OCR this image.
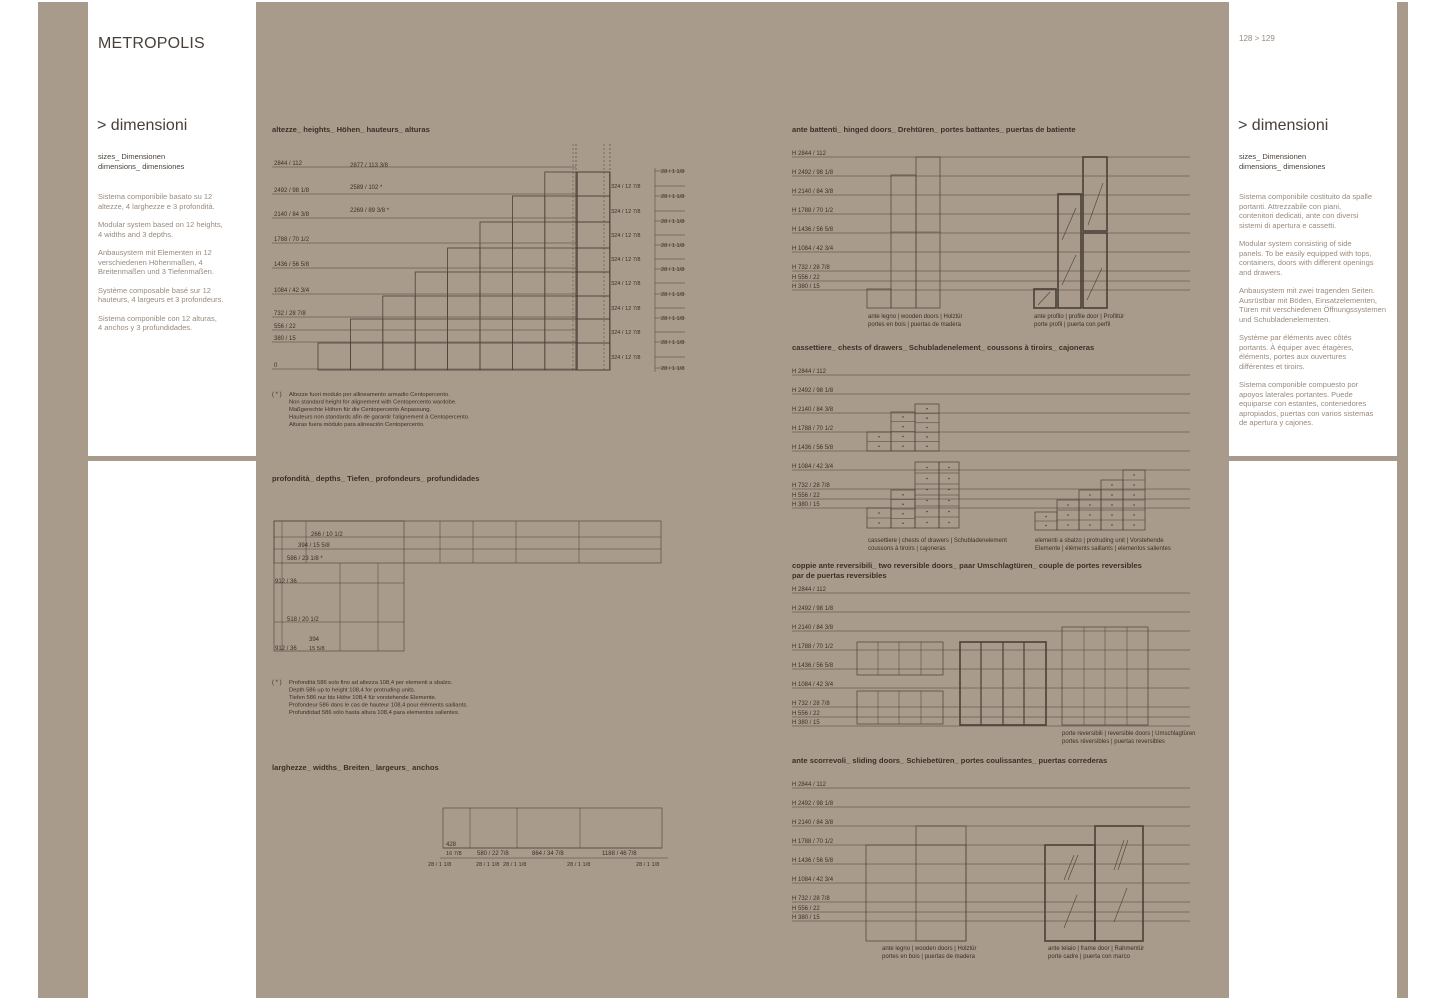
altezze_ heights_ Höhen_ hauteurs_ alturas
2844 / 112
2492 / 98 1/8
2140 / 84 3/8
1788 / 70 1/2
1436 / 56 5/8
1084 / 42 3/4
732 / 28 7/8
556 / 22
380 / 15
0
2877 / 113 3/8
2589 / 102 *
2269 / 89 3/8 *
28 / 1 1/8
324 / 12 7/8
28 / 1 1/8
324 / 12 7/8
28 / 1 1/8
324 / 12 7/8
28 / 1 1/8
324 / 12 7/8
28 / 1 1/8
324 / 12 7/8
28 / 1 1/8
324 / 12 7/8
28 / 1 1/8
324 / 12 7/8
28 / 1 1/8
324 / 12 7/8
28 / 1 1/8
( * ) Altezze fuori modulo per allineamento armadio Centopercento.
Non standard height for alignement with Centopercento wardobe.
Maßgerechte Höhen für die Centopercento Anpassung.
Hauteurs non standards afin de garantir l'alignement à Centopercento.
Alturas fuera módulo para alineación Centopercento.
profondità_ depths_ Tiefen_ profondeurs_ profundidades
266 / 10 1/2
394 / 15 5/8
586 / 23 1/8 *
912 / 36
518 / 20 1/2
912 / 36
394
15 5/8
( * ) Profondità 586 solo fino ad altezza 108,4 per elementi a sbalzo.
Depth 586 up to height 108,4 for protruding units.
Tiefen 586 nur bis Höhe 108,4 für vorstehende Elemente.
Profondeur 586 dans le cas de hauteur 108,4 pour éléments saillants.
Profundidad 586 sólo hasta altura 108,4 para elementos salientes.
larghezze_ widths_ Breiten_ largeurs_ anchos
428
16 7/8	580 / 22 7/8	864 / 34 7/8	1188 / 46 7/8
28 / 1 1/8	28 / 1 1/8 28 / 1 1/8	28 / 1 1/8	28 / 1 1/8
ante battenti_ hinged doors_ Drehtüren_ portes battantes_ puertas de batiente
H 2844 / 112
H 2492 / 98 1/8
H 2140 / 84 3/8
H 1788 / 70 1/2
H 1436 / 56 5/8
H 1084 / 42 3/4
H 732 / 28 7/8
H 556 / 22
H 380 / 15
ante legno | wooden doors | Holztür
portes en bois | puertas de madera
ante profilo | profile door | Profiltür
porte profil | puerta con perfil
cassettiere_ chests of drawers_ Schubladenelement_ coussons à tiroirs_ cajoneras
H 2844 / 112
H 2492 / 98 1/8
H 2140 / 84 3/8
H 1788 / 70 1/2
H 1436 / 56 5/8
H 1084 / 42 3/4
H 732 / 28 7/8
H 556 / 22
H 380 / 15
cassettiere | chests of drawers | Schubladenelement
coussons à tiroirs | cajoneras
elementi a sbalzo | protruding unit | Vorstehende
Elemente | éléments saillants | elementos salientes
coppie ante reversibili_ two reversible doors_ paar Umschlagtüren_ couple de portes reversibles
par de puertas reversibles
H 2844 / 112
H 2492 / 98 1/8
H 2140 / 84 3/8
H 1788 / 70 1/2
H 1436 / 56 5/8
H 1084 / 42 3/4
H 732 / 28 7/8
H 556 / 22
H 380 / 15
porte reversibili | reversible doors | Umschlagtüren
portes réversibles | puertas reversibles
ante scorrevoli_ sliding doors_ Schiebetüren_ portes coulissantes_ puertas correderas
H 2844 / 112
H 2492 / 98 1/8
H 2140 / 84 3/8
H 1788 / 70 1/2
H 1436 / 56 5/8
H 1084 / 42 3/4
H 732 / 28 7/8
H 556 / 22
H 380 / 15
ante legno | wooden doors | Holztür
portes en bois | puertas de madera
ante telaio | frame door | Rahmentür
porte cadre | puerta con marco
METROPOLIS	128 > 129
> dimensioni
sizes_ Dimensionen
dimensions_ dimensiones

Sistema componibile basato su 12
altezze, 4 larghezze e 3 profondità.

Modular system based on 12 heights,
4 widths and 3 depths.

Anbausystem mit Elementen in 12
verschiedenen Höhenmaßen, 4
Breitenmaßen und 3 Tiefenmaßen.

Système composable basé sur 12
hauteurs, 4 largeurs et 3 profondeurs.

Sistema componible con 12 alturas,
4 anchos y 3 profundidades.

> dimensioni
sizes_ Dimensionen
dimensions_ dimensiones

Sistema componibile costituito da spalle
portanti. Attrezzabile con piani,
contenitori dedicati, ante con diversi
sistemi di apertura e cassetti.

Modular system consisting of side
panels. To be easily equipped with tops,
containers, doors with different openings
and drawers.

Anbausystem mit zwei tragenden Seiten.
Ausrüstbar mit Böden, Einsatzelementen,
Türen mit verschiedenen Öffnungssystemen
und Schubladenelementen.

Système par éléments avec côtés
portants. À équiper avec étagères,
éléments, portes aux ouvertures
différentes et tiroirs.

Sistema componible compuesto por
apoyos laterales portantes. Puede
equiparse con estantes, contenedores
apropiados, puertas con varios sistemas
de apertura y cajones.
